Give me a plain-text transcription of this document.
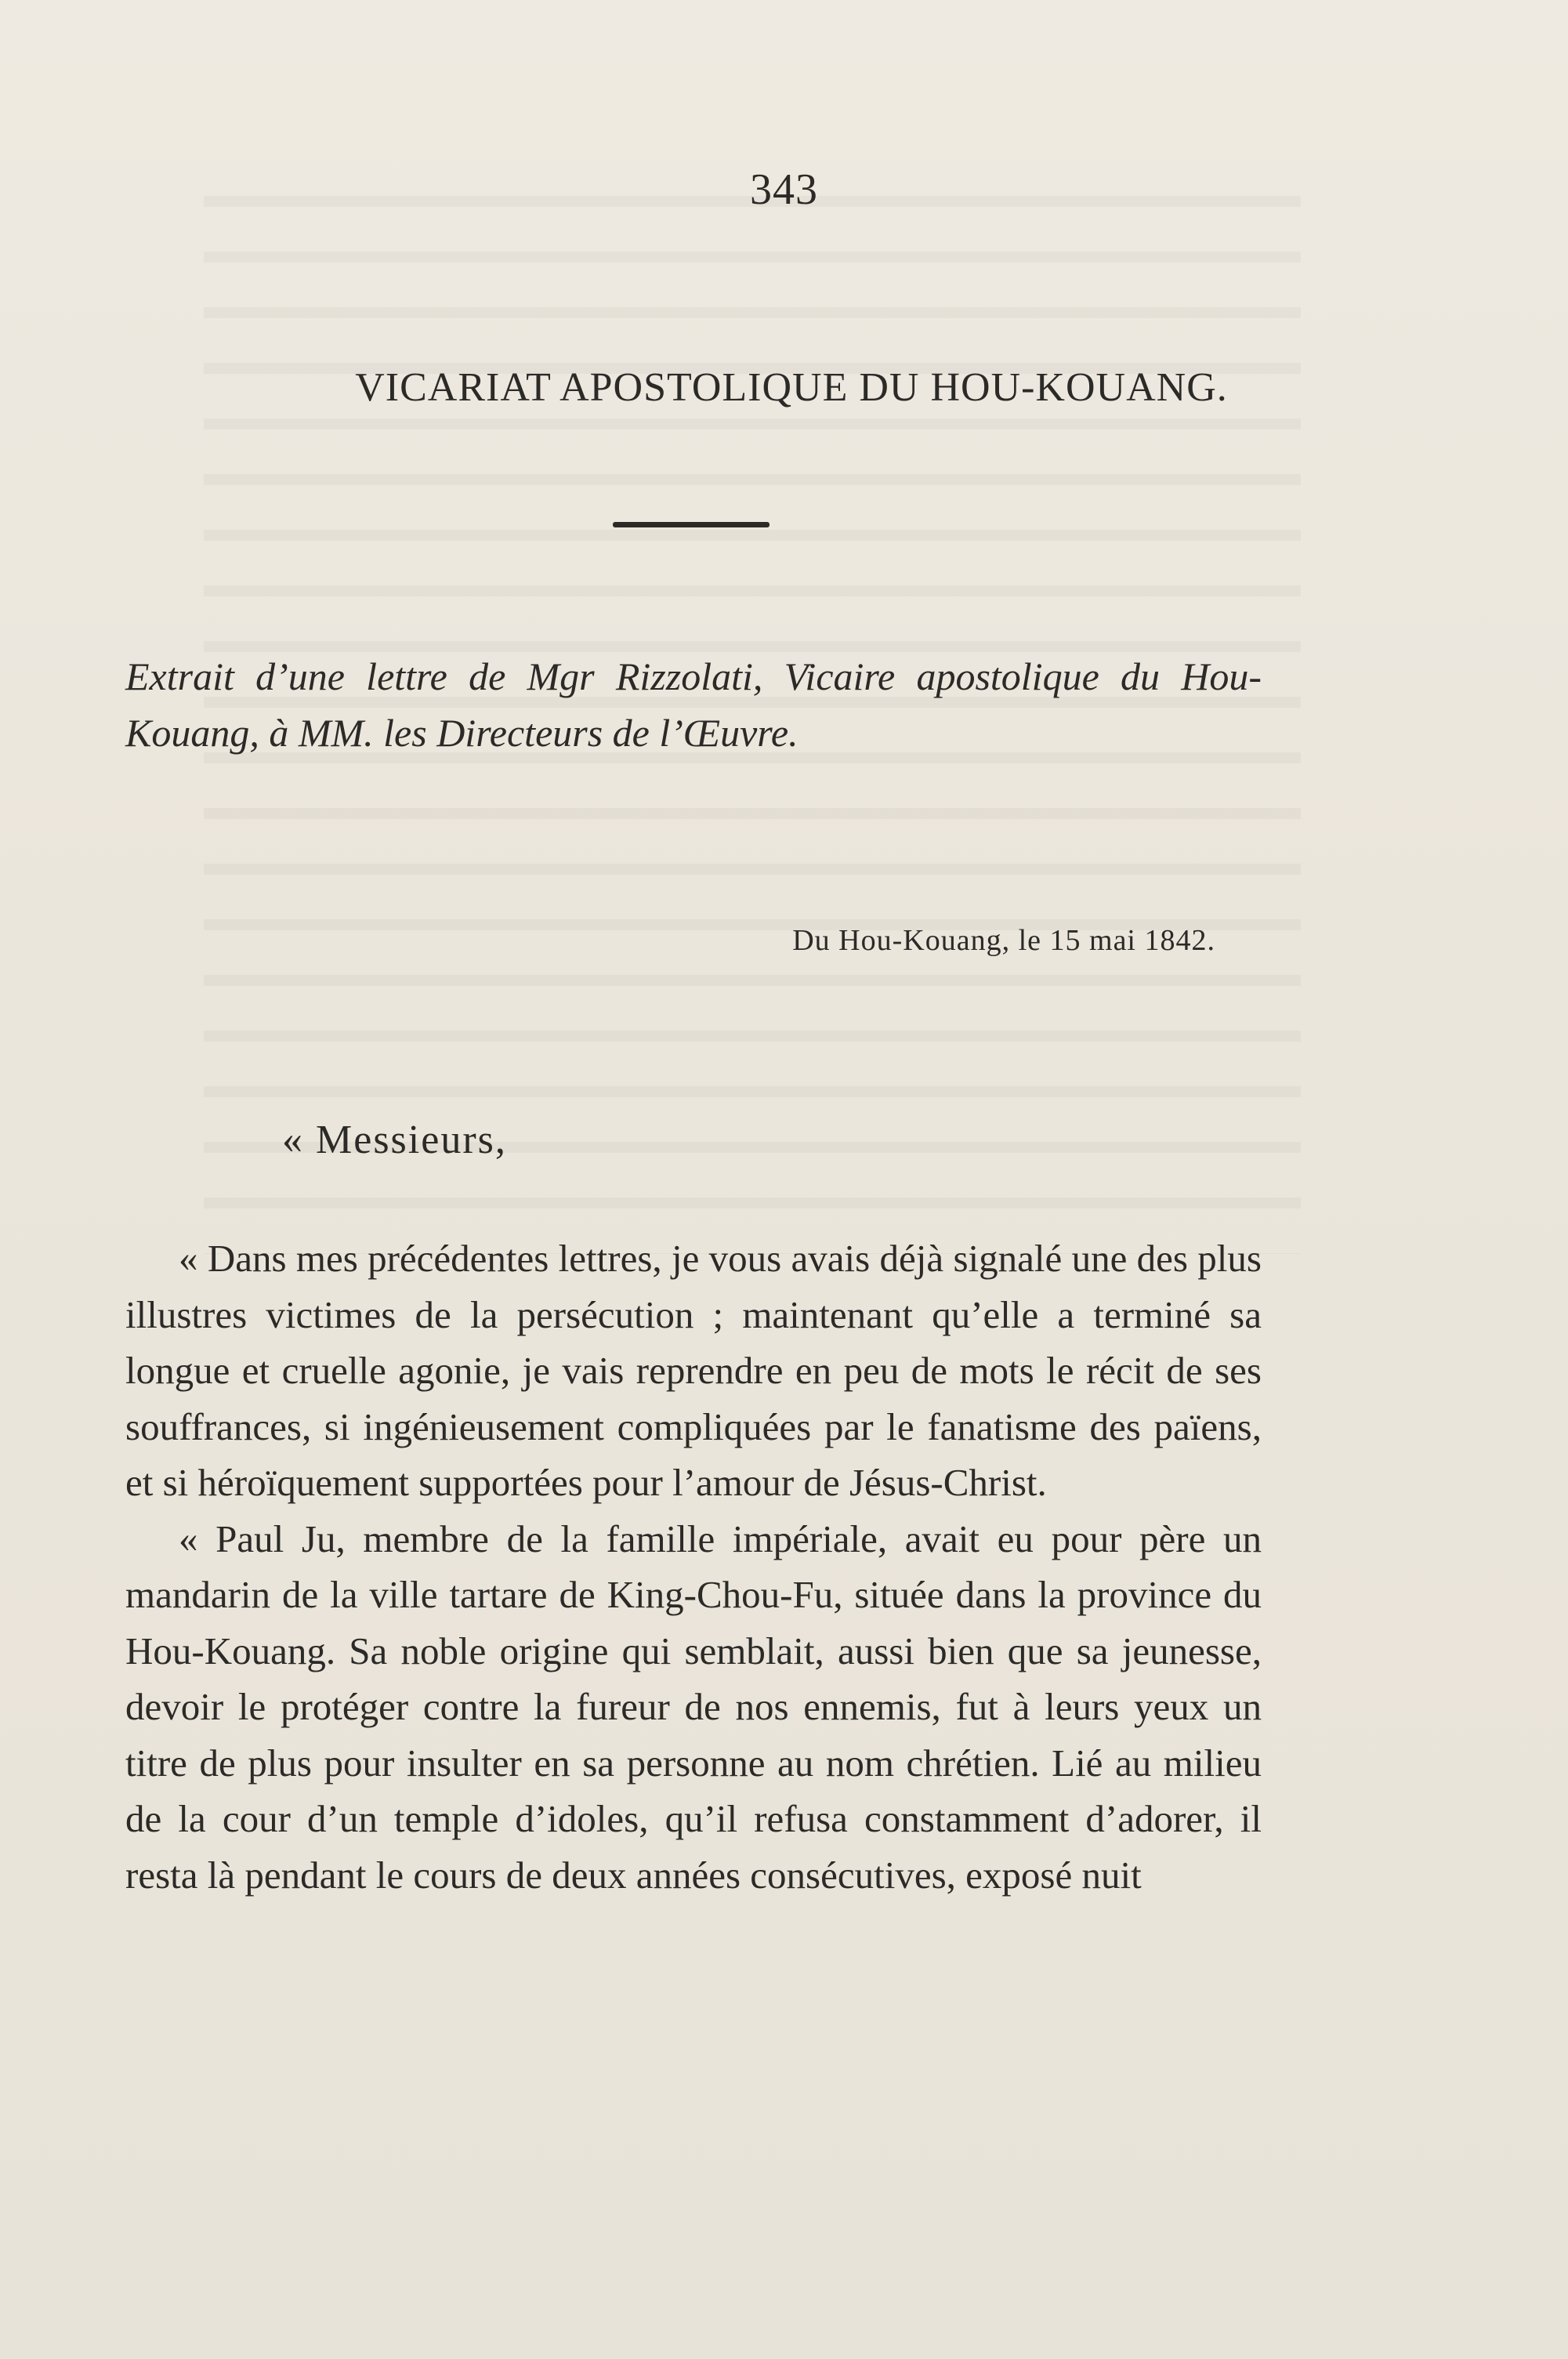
343
VICARIAT APOSTOLIQUE DU HOU-KOUANG.
Extrait d’une lettre de Mgr Rizzolati, Vicaire apostolique du Hou-Kouang, à MM. les Directeurs de l’Œuvre.
Du Hou-Kouang, le 15 mai 1842.
« Messieurs,

« Dans mes précédentes lettres, je vous avais déjà signalé une des plus illustres victimes de la persécution ; maintenant qu’elle a terminé sa longue et cruelle agonie, je vais reprendre en peu de mots le récit de ses souffrances, si ingénieusement compliquées par le fanatisme des païens, et si héroïquement supportées pour l’amour de Jésus-Christ.

« Paul Ju, membre de la famille impériale, avait eu pour père un mandarin de la ville tartare de King-Chou-Fu, située dans la province du Hou-Kouang. Sa noble origine qui semblait, aussi bien que sa jeunesse, devoir le protéger contre la fureur de nos ennemis, fut à leurs yeux un titre de plus pour insulter en sa personne au nom chrétien. Lié au milieu de la cour d’un temple d’idoles, qu’il refusa constamment d’adorer, il resta là pendant le cours de deux années consécutives, exposé nuit
